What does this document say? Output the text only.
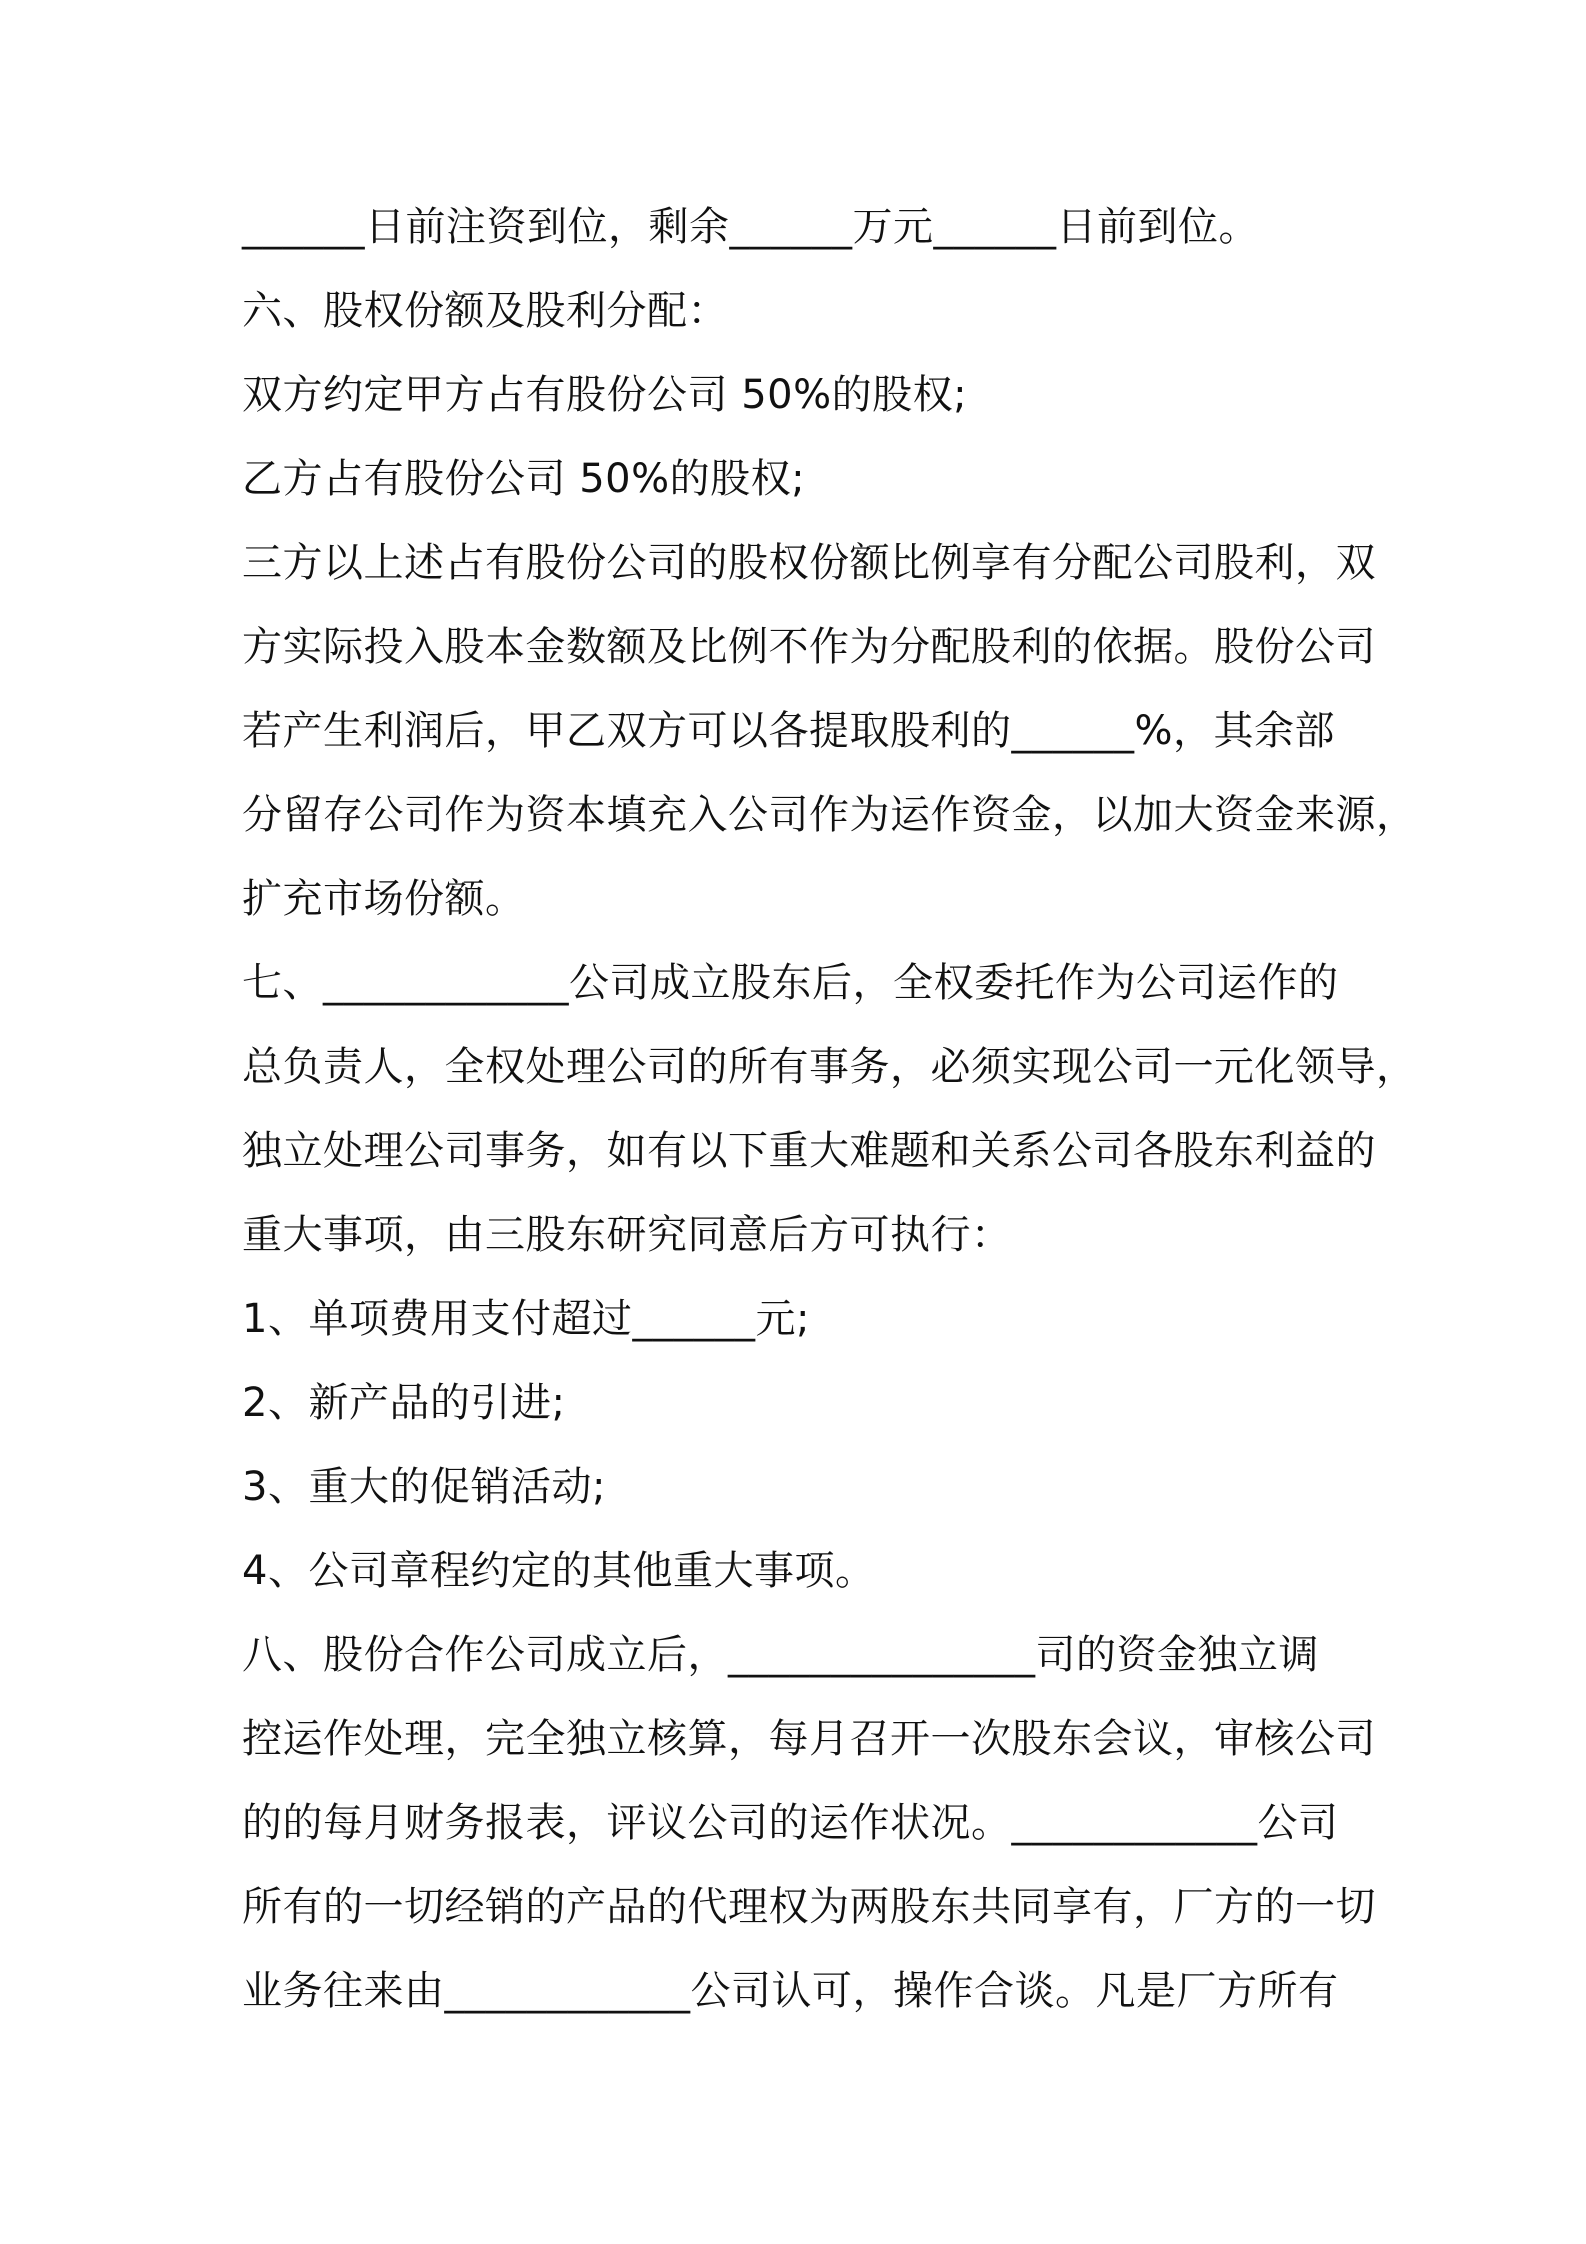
______日前注资到位，剩余______万元______日前到位。
六、股权份额及股利分配：
双方约定甲方占有股份公司 50%的股权;
乙方占有股份公司 50%的股权;
三方以上述占有股份公司的股权份额比例享有分配公司股利，双
方实际投入股本金数额及比例不作为分配股利的依据。股份公司
若产生利润后，甲乙双方可以各提取股利的______%，其余部
分留存公司作为资本填充入公司作为运作资金，以加大资金来源，
扩充市场份额。
七、____________公司成立股东后，全权委托作为公司运作的
总负责人，全权处理公司的所有事务，必须实现公司一元化领导，
独立处理公司事务，如有以下重大难题和关系公司各股东利益的
重大事项，由三股东研究同意后方可执行：
1、单项费用支付超过______元;
2、新产品的引进;
3、重大的促销活动;
4、公司章程约定的其他重大事项。
八、股份合作公司成立后，_______________司的资金独立调
控运作处理，完全独立核算，每月召开一次股东会议，审核公司
的的每月财务报表，评议公司的运作状况。____________公司
所有的一切经销的产品的代理权为两股东共同享有，厂方的一切
业务往来由____________公司认可，操作合谈。凡是厂方所有
